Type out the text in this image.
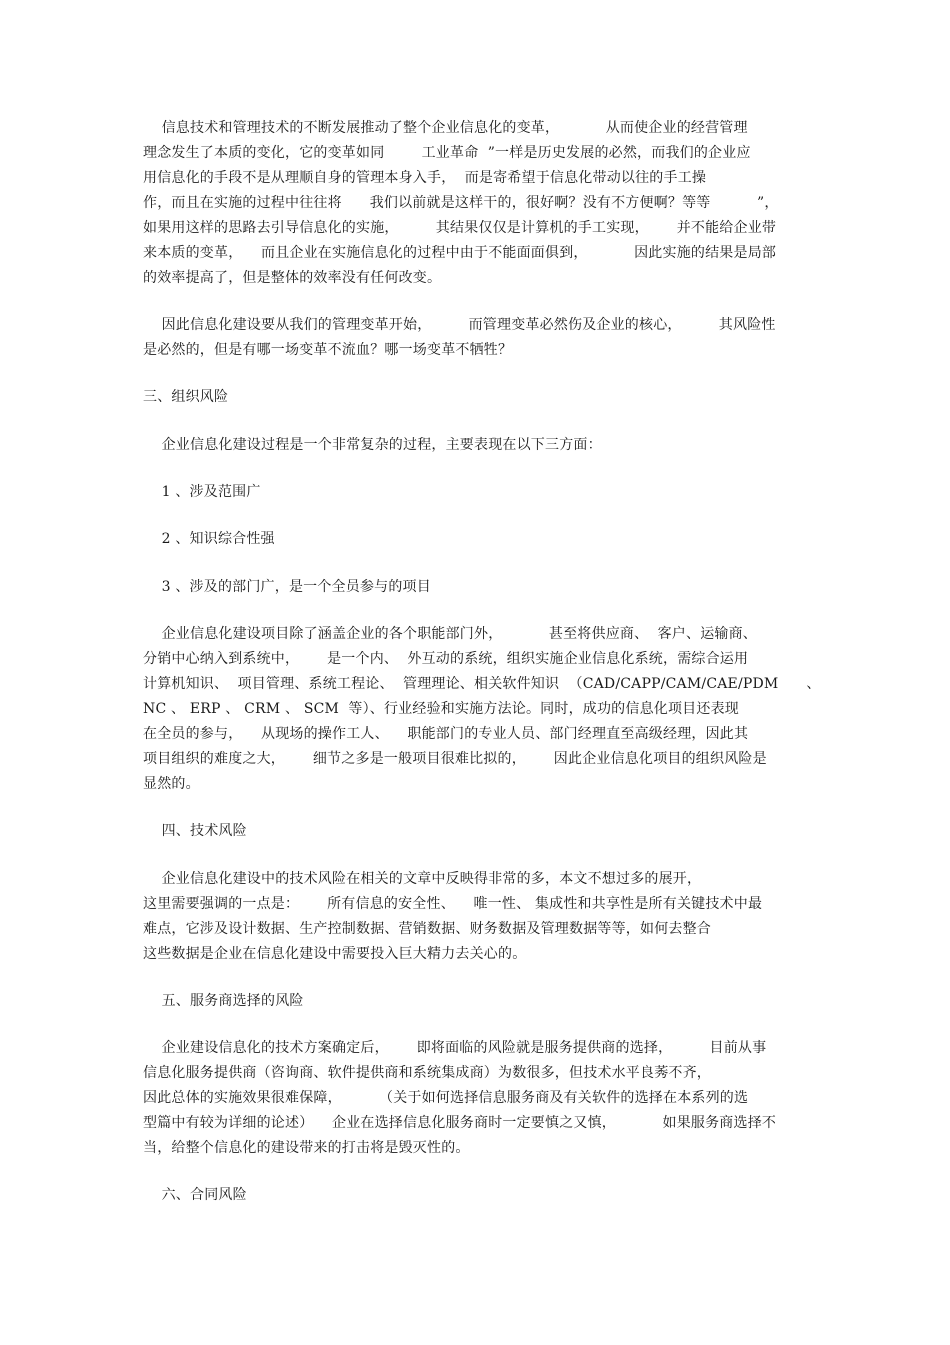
信息技术和管理技术的不断发展推动了整个企业信息化的变革，          从而使企业的经营管理
理念发生了本质的变化，它的变革如同        工业革命  ”一样是历史发展的必然，而我们的企业应
用信息化的手段不是从理顺自身的管理本身入手，  而是寄希望于信息化带动以往的手工操
作，而且在实施的过程中往往将      我们以前就是这样干的，很好啊？没有不方便啊？等等          ”，
如果用这样的思路去引导信息化的实施，        其结果仅仅是计算机的手工实现，      并不能给企业带
来本质的变革，    而且企业在实施信息化的过程中由于不能面面俱到，          因此实施的结果是局部
的效率提高了，但是整体的效率没有任何改变。
因此信息化建设要从我们的管理变革开始，        而管理变革必然伤及企业的核心，        其风险性
是必然的，但是有哪一场变革不流血？哪一场变革不牺牲？
三、组织风险
企业信息化建设过程是一个非常复杂的过程，主要表现在以下三方面：
1 、涉及范围广
2 、知识综合性强
3 、涉及的部门广，是一个全员参与的项目
企业信息化建设项目除了涵盖企业的各个职能部门外，          甚至将供应商、  客户、运输商、
分销中心纳入到系统中，      是一个内、  外互动的系统，组织实施企业信息化系统，需综合运用
计算机知识、  项目管理、系统工程论、  管理理论、相关软件知识  （CAD/CAPP/CAM/CAE/PDM      、
NC 、 ERP 、 CRM 、 SCM  等）、行业经验和实施方法论。同时，成功的信息化项目还表现
在全员的参与，    从现场的操作工人、    职能部门的专业人员、部门经理直至高级经理，因此其
项目组织的难度之大，      细节之多是一般项目很难比拟的，      因此企业信息化项目的组织风险是
显然的。
四、技术风险
企业信息化建设中的技术风险在相关的文章中反映得非常的多，本文不想过多的展开，
这里需要强调的一点是：      所有信息的安全性、    唯一性、 集成性和共享性是所有关键技术中最
难点，它涉及设计数据、生产控制数据、营销数据、财务数据及管理数据等等，如何去整合
这些数据是企业在信息化建设中需要投入巨大精力去关心的。
五、服务商选择的风险
企业建设信息化的技术方案确定后，      即将面临的风险就是服务提供商的选择，        目前从事
信息化服务提供商（咨询商、软件提供商和系统集成商）为数很多，但技术水平良莠不齐，
因此总体的实施效果很难保障，        （关于如何选择信息服务商及有关软件的选择在本系列的选
型篇中有较为详细的论述）    企业在选择信息化服务商时一定要慎之又慎，          如果服务商选择不
当，给整个信息化的建设带来的打击将是毁灭性的。
六、合同风险
